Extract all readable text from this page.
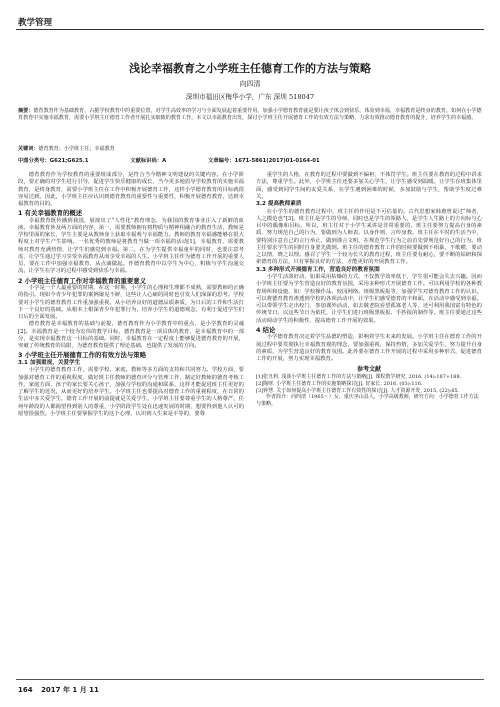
教学管理
浅论幸福教育之小学班主任德育工作的方法与策略
向四清
深圳市福田区梅华小学，广东 深圳 518047
摘要：德育教育作为基础教育，占据学校教育中的重要位置，对学生高效率的学习与全面发展起着重要作用。加强小学德育教育就是要让孩子体会到快乐，体验到幸福，幸福教育是终身的教育。如何在小学德育教育中实施幸福教育，需要小学班主任德育工作者开展扎实细致的教育工作。本文以幸福教育出发，探讨小学班主任开展德育工作的有效方法与策略，力求有效推动德育教育的提升，培养学生的幸福感。
关键词：德育教育；小学班主任；幸福教育
中图分类号：G621;G625.1	文献标识码：A	文章编号：1671-5861(2017)01-0164-01

德育教育作为学校教育的重要组成部分，是符合当今精神文明建设的关键内容。在小学阶段，要正确的对学生进行引导，促进学生快乐健康的成长，当今更多地倡导学校教育的实施幸福教育，是终身教育，需要小学班主任在工作中积极开展德育工作，这样小学德育教育的目标就很容易达到。因此，小学班主任应认识到德育教育的重要性与重要性，积极开展德育教育，达到幸福教育的目的。

1 有关幸福教育的概述

幸福教育既传播到我国，展现出了“人性化”教育理念，为我国的教育事业注入了新鲜的血液。幸福教育涉及两方面的内容，第一，需要教师拥有将物质与精神相融合的教育生活，教师是学校里面的家长，学生主要是从教师身上获取幸福观与幸福能力。教师的教育幸福感能够在很大程度上对学生产生影响。一名优秀的教师是将教育当做一项幸福的活动[1]，幸福教育，需要教师对教育充满热情，让学生们感觉到幸福。第二，在为学生提供幸福童年的同时，也要注意考虑，让学生通过学习享受幸福教育从而享受幸福的人生。小学班主任作为德育工作开展的重要人员，要在工作中加强幸福教育，从点滴做起。作德育教育中以学生为中心，积极与学生沟通交流，让学生在学习的过程中感受到快乐与幸福。

2 小学班主任德育工作对幸福教育的重要意义

小学是一个人最重要的时期，在这一时期，小学生的心理和生理都不成熟，需要教师的正确的指引。现如今青少年犯罪的案例屡见不鲜，这些让人心痛的同时也引发人们深深的思考。学校要对小学生的德育教育工作重加强重视，从小培养良好的道德品质素质，为日后的工作和生活打下一个良好的基础。从根本上根深青少年犯罪行为，培养小学生的道德观念，有利于促进学生们日后的全面发展。

德育教育是幸福教育的基础与前提，德育教育作为小学教育中的重点，是小学教育的灵魂[2]。幸福教育是一个较为宏伟的教学目标，德育教育是一项具体的教育，是幸福教育中的一部分，是实现幸福教育这一目标的基础。同时，幸福教育在一定程度上能够促进德育教育的开展，突破了传统教育的局限，为德育教育提供了理论基础，也提供了发展的方向。

3 小学班主任开展德育工作的有效方法与策略
3.1 加强重视，关爱学生

小学生的德育教育工作，需要学校、家庭、教师等多方面的支持和共同努力。学校方面，要加强对德育工作的重视程度，做好班主任教师的德育评分与管理工作，制定好教师的德育考核工作。家庭方面，孩子的家长要关心孩子，加强与学校的沟通和联系，这样才能促进班主任更好的了解学生的近况，从而更好的培养学生。小学班主任也要提高对德育工作的重视程度，在日常的生活中多关爱学生，德育工作开展的前提就是关爱学生，小学班主任要尊重学生的人格尊严，任何年龄段的人都渴望得到别人的尊重，小学阶段学生处在迅速发展的时期，想要得到他人认可的愿望很强烈。小学班主任要掌握学生的这个心理，认识到人生来是平等的，要尊

重学生的人格，在教育的过程中要做到不偏袒，不体罚学生。班主任要在教育的过程中讲求方法，尊重学生。此外，小学班主任还要多加关心学生，让学生感受到温暖。让学生在班集体里面，感受到同学生间的友爱关系，在学生遇到困难的时候，多加鼓励与学生，帮助学生度过难关。

3.2 提高教师素质

在小学生的德育教育过程中，班主任的作用是不可估量的。古代思想家韩愈曾说过“师者，人之模范也”[3]。班主任是学生的导师，同时也是学生的领路人，是学生人生路上的方向标与心目中的偶像和目标。所以，班主任对于小学生来讲是非常重要的。班主任要努力提高自身的素质，努力规范自己的行为，要做到为人师表，以身作则，言传身教。班主任在平时的生活当中，要特别注意自己的言行举止，做到谨言文明，在规范学生行为之前首先要规范好自己的行为。班主任要求学生的同时自身要先做到。班主任的德育教育工作的时候要做到不相暴，不歌横，要动之以情，晓之以理。感召了学生一个较为长久的教育过程，班主任要有耐心，要不断的钻研和探索德育的方法，只有掌握良好的方法，才能更好的开展教育工作。

3.3 多种形式开展德育工作，营造良好的教育氛围

小学生活泼好动，如果采用枯燥的方式，不仅教学效率低下，学生很可能会失去兴趣。因而小学班主任要为学生营造良好的教育氛围，采用多种形式开展德育工作。可以利用学校的各种教育场所和设施，如：学校操作品、校园网络、班级黑板报等，加强学生对德育教育工作的认识。可以将德育教育渗透到学校的各项活动中，让学生们感受德育的丰和面，在活动中感受到幸福。可以带领学生走出校门，参加课外活动，如去敬老院看望孤寡老人等，还可利用我国富有特色的传统节日，以这些节日为依托，让学生们进行班级黑板报、手抄报的制作等。班主任要通过这些活动调动学生的积极性，提高德育工作开展的效果。

4 结论

小学德育教育决定着学生品德的塑造，影响着学生未来的发展。小学班主任在德育工作的开展过程中要贯彻执行幸福教育观的理念，要加强重视，保持热情，多加关爱学生，努力提升自身的素质，为学生营造良好的教育氛围。此外要在德育工作开展的过程中采用多种形式，促进德育工作的开展，努力实现幸福教育。

参考文献
[1]张丑莉. 浅谈小学班主任德育工作的方法与策略[J]. 课程教学研究, 2016, (14):187+188.
[2]陶财. 小学班主任德育工作的实施策略探讨[J]. 好家长, 2016, (03):116.
[3]钟慧. 关于如何提高小学班主任德育工作有效性的探讨[J]. 人才资源开发, 2015, (22):65.
作者简介：向四清（1965～）女，重庆巫山县人，小学高级教师，研究方向：小学德育工作方法与策略。
164 2017 年 1 月 11
